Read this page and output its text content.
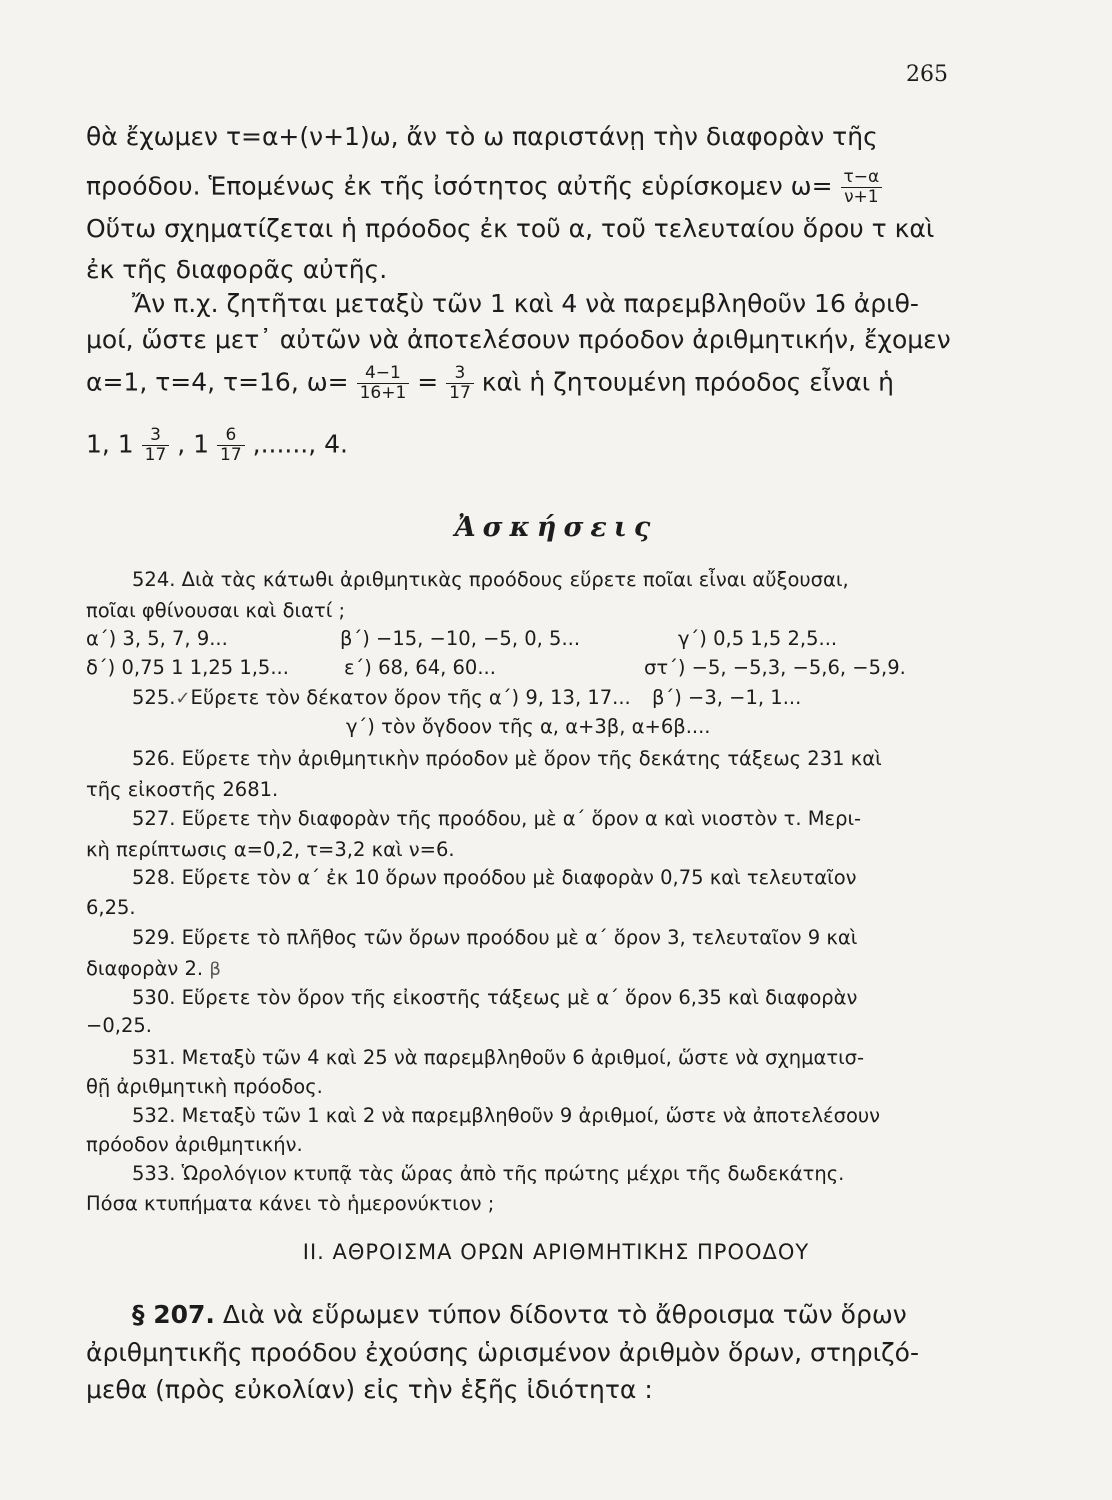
265
θὰ ἔχωμεν τ=α+(ν+1)ω, ἄν τὸ ω παριστάνῃ τὴν διαφορὰν τῆς
προόδου. Ἑπομένως ἐκ τῆς ἰσότητος αὐτῆς εὑρίσκομεν $\omega= \frac{\tau-\alpha}{\nu+1}$
Οὕτω σχηματίζεται ἡ πρόοδος ἐκ τοῦ α, τοῦ τελευταίου ὅρου τ καὶ
ἐκ τῆς διαφορᾶς αὐτῆς.
Ἄν π.χ. ζητῆται μεταξὺ τῶν 1 καὶ 4 νὰ παρεμβληθοῦν 16 ἀριθ-
μοί, ὥστε μετ᾽ αὐτῶν νὰ ἀποτελέσουν πρόοδον ἀριθμητικήν, ἔχομεν
α=1, τ=4, τ=16, $\omega= \frac{4-1}{16+1} = \frac{3}{17}$ καὶ ἡ ζητουμένη πρόοδος εἶναι ἡ
1, $1 \frac{3}{17}$ , $1 \frac{6}{17}$ ,......, 4.
Ἀσκήσεις
524. Διὰ τὰς κάτωθι ἀριθμητικὰς προόδους εὕρετε ποῖαι εἶναι αὔξουσαι,
ποῖαι φθίνουσαι καὶ διατί ;
α΄) 3, 5, 7, 9...	β΄) −15, −10, −5, 0, 5...	γ΄) 0,5 1,5 2,5...
δ΄) 0,75 1 1,25 1,5...	ε΄) 68, 64, 60...	στ΄) −5, −5,3, −5,6, −5,9.
525.✓Εὕρετε τὸν δέκατον ὅρον τῆς α΄) 9, 13, 17... β΄) −3, −1, 1...
γ΄) τὸν ὄγδοον τῆς α, α+3β, α+6β....
526. Εὕρετε τὴν ἀριθμητικὴν πρόοδον μὲ ὅρον τῆς δεκάτης τάξεως 231 καὶ
τῆς εἰκοστῆς 2681.
527. Εὕρετε τὴν διαφορὰν τῆς προόδου, μὲ α΄ ὅρον α καὶ νιοστὸν τ. Μερι-
κὴ περίπτωσις α=0,2, τ=3,2 καὶ ν=6.
528. Εὕρετε τὸν α΄ ἐκ 10 ὅρων προόδου μὲ διαφορὰν 0,75 καὶ τελευταῖον
6,25.
529. Εὕρετε τὸ πλῆθος τῶν ὅρων προόδου μὲ α΄ ὅρον 3, τελευταῖον 9 καὶ
διαφορὰν 2. β
530. Εὕρετε τὸν ὅρον τῆς εἰκοστῆς τάξεως μὲ α΄ ὅρον 6,35 καὶ διαφορὰν
−0,25.
531. Μεταξὺ τῶν 4 καὶ 25 νὰ παρεμβληθοῦν 6 ἀριθμοί, ὥστε νὰ σχηματισ-
θῇ ἀριθμητικὴ πρόοδος.
532. Μεταξὺ τῶν 1 καὶ 2 νὰ παρεμβληθοῦν 9 ἀριθμοί, ὥστε νὰ ἀποτελέσουν
πρόοδον ἀριθμητικήν.
533. Ὡρολόγιον κτυπᾷ τὰς ὥρας ἀπὸ τῆς πρώτης μέχρι τῆς δωδεκάτης.
Πόσα κτυπήματα κάνει τὸ ἡμερονύκτιον ;
ΙΙ. ΑΘΡΟΙΣΜΑ ΟΡΩΝ ΑΡΙΘΜΗΤΙΚΗΣ ΠΡΟΟΔΟΥ
§ 207. Διὰ νὰ εὕρωμεν τύπον δίδοντα τὸ ἄθροισμα τῶν ὅρων
ἀριθμητικῆς προόδου ἐχούσης ὡρισμένον ἀριθμὸν ὅρων, στηριζό-
μεθα (πρὸς εὐκολίαν) εἰς τὴν ἑξῆς ἰδιότητα :
